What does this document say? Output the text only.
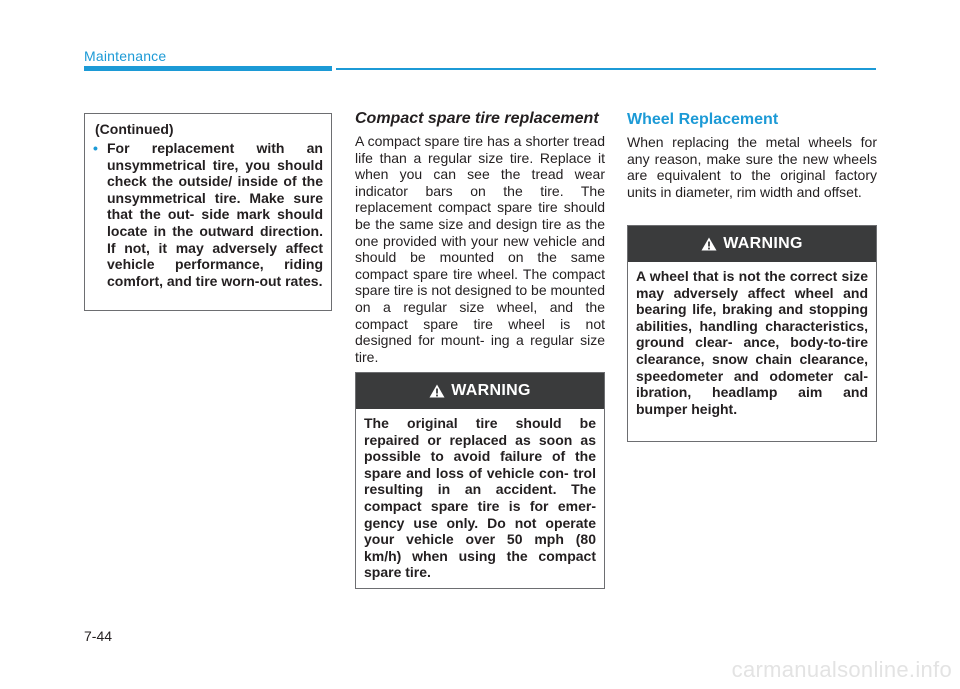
Maintenance
(Continued)
• For replacement with an unsymmetrical tire, you should check the outside/ inside of the unsymmetrical tire. Make sure that the out- side mark should locate in the outward direction. If not, it may adversely affect vehicle performance, riding comfort, and tire worn-out rates.
Compact spare tire replacement
A compact spare tire has a shorter tread life than a regular size tire. Replace it when you can see the tread wear indicator bars on the tire. The replacement compact spare tire should be the same size and design tire as the one provided with your new vehicle and should be mounted on the same compact spare tire wheel. The compact spare tire is not designed to be mounted on a regular size wheel, and the compact spare tire wheel is not designed for mount- ing a regular size tire.
WARNING
The original tire should be repaired or replaced as soon as possible to avoid failure of the spare and loss of vehicle con- trol resulting in an accident. The compact spare tire is for emer- gency use only. Do not operate your vehicle over 50 mph (80 km/h) when using the compact spare tire.
Wheel Replacement
When replacing the metal wheels for any reason, make sure the new wheels are equivalent to the original factory units in diameter, rim width and offset.
WARNING
A wheel that is not the correct size may adversely affect wheel and bearing life, braking and stopping abilities, handling characteristics, ground clear- ance, body-to-tire clearance, snow chain clearance, speedometer and odometer cal- ibration, headlamp aim and bumper height.
7-44
carmanualsonline.info
